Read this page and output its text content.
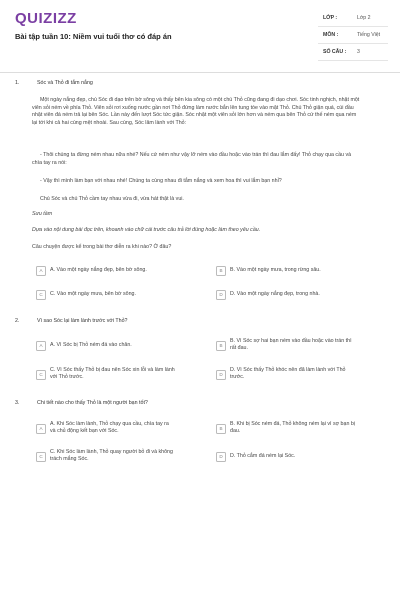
QUIZIZZ
Bài tập tuần 10: Niềm vui tuổi thơ có đáp án
LỚP :	Lớp 2
MÔN :	Tiếng Việt
SỐ CÂU : 3
1.	Sóc và Thỏ đi tắm nắng
Một ngày nắng đẹp, chú Sóc đi dạo trên bờ sông và thấy bên kia sông có một chú Thỏ cũng đang đi dạo chơi. Sóc tinh nghịch, nhặt một viên sỏi ném về phía Thỏ. Viên sỏi rơi xuống nước gần nơi Thỏ đứng làm nước bắn lên tung tóe vào mặt Thỏ. Chú Thỏ giận quá, cúi đầu nhặt viên đá ném trả lại bên Sóc. Lần này đến lượt Sóc tức giận. Sóc nhặt một viên sỏi lớn hơn và ném qua bên Thỏ cứ thế ném qua ném lại tới khi cả hai cùng mệt nhoài. Sau cùng, Sóc lâm lành với Thỏ:
- Thôi chúng ta đừng ném nhau nữa nhé? Nếu cứ ném như vậy lỡ ném vào đầu hoặc vào trán thì đau lắm đấy! Thỏ chạy qua cầu và chìa tay ra nói:
- Vậy thì mình làm bạn với nhau nhé! Chúng ta cùng nhau đi tắm nắng và xem hoa thì vui lắm bạn nhỉ?
Chú Sóc và chú Thỏ cầm tay nhau vừa đi, vừa hát thật là vui.
Sưu tầm
Dựa vào nội dung bài đọc trên, khoanh vào chữ cái trước câu trả lời đúng hoặc làm theo yêu cầu.
Câu chuyện được kể trong bài thơ diễn ra khi nào? Ở đâu?
A	A. Vào một ngày nắng đẹp, bên bờ sông.	B	B. Vào một ngày mưa, trong rừng sâu.
C	C. Vào một ngày mưa, bên bờ sông.	D	D. Vào một ngày nắng đẹp, trong nhà.
2.	Vì sao Sóc lại làm lành trước với Thỏ?
A	A. Vì Sóc bị Thỏ ném đá vào chân.	B
B. Vì Sóc sợ hai bạn ném vào đầu hoặc vào trán thì rất đau.
C
C. Vì Sóc thấy Thỏ bị đau nên Sóc xin lỗi và làm lành với Thỏ trước.	D
D. Vì Sóc thấy Thỏ khóc nên đã làm lành với Thỏ trước.
3.	Chi tiết nào cho thấy Thỏ là một người bạn tốt?
A
A. Khi Sóc làm lành, Thỏ chạy qua cầu, chìa tay ra và chủ động kết bạn với Sóc.	B
B. Khi bị Sóc ném đá, Thỏ không ném lại vì sợ bạn bị đau.
C
C. Khi Sóc làm lành, Thỏ quay người bỏ đi và không trách mắng Sóc.	D	D. Thỏ cắm đá ném lại Sóc.
